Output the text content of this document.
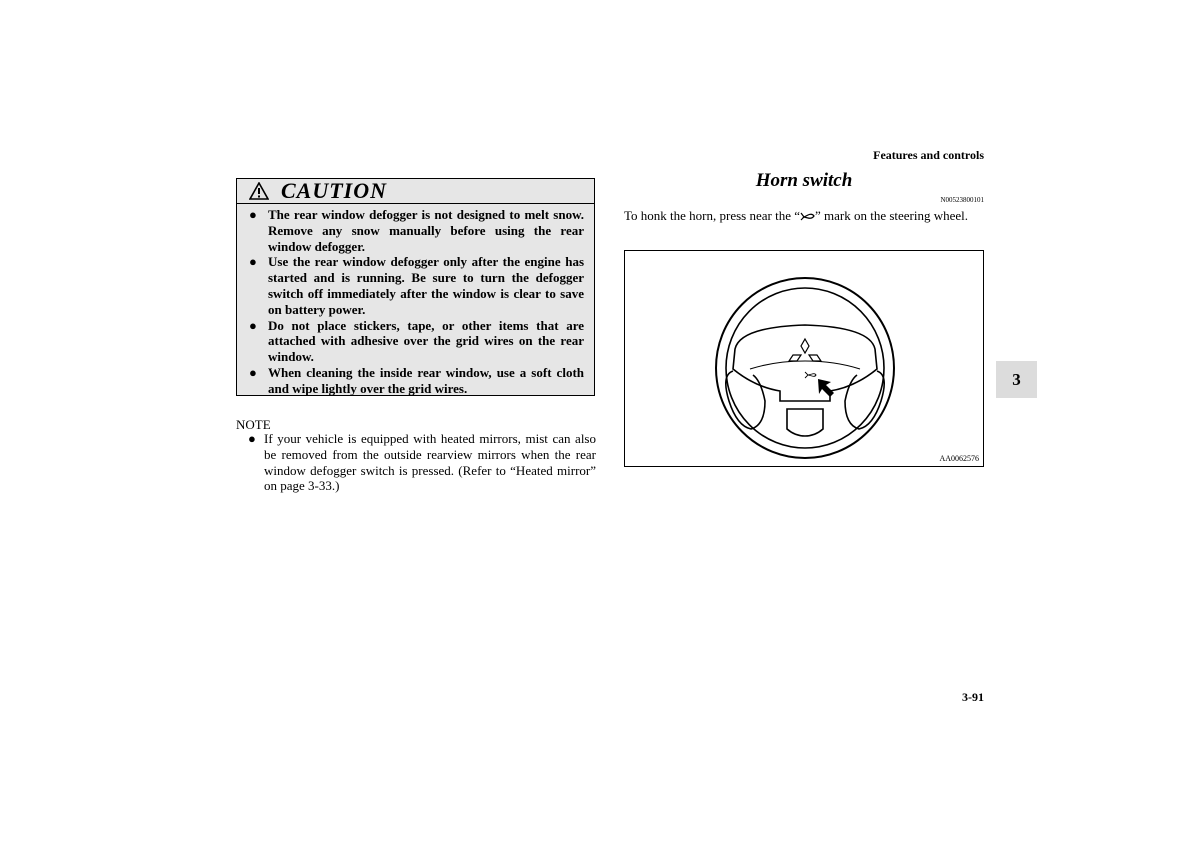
Features and controls
CAUTION
● The rear window defogger is not designed to melt snow. Remove any snow manually before using the rear window defogger.
● Use the rear window defogger only after the engine has started and is running. Be sure to turn the defogger switch off immediately after the window is clear to save on battery power.
● Do not place stickers, tape, or other items that are attached with adhesive over the grid wires on the rear window.
● When cleaning the inside rear window, use a soft cloth and wipe lightly over the grid wires.
NOTE
● If your vehicle is equipped with heated mirrors, mist can also be removed from the outside rearview mirrors when the rear window defogger switch is pressed. (Refer to “Heated mirror” on page 3-33.)
Horn switch
N00523800101

To honk the horn, press near the “ ” mark on the steering wheel.

AA0062576
3
3-91
